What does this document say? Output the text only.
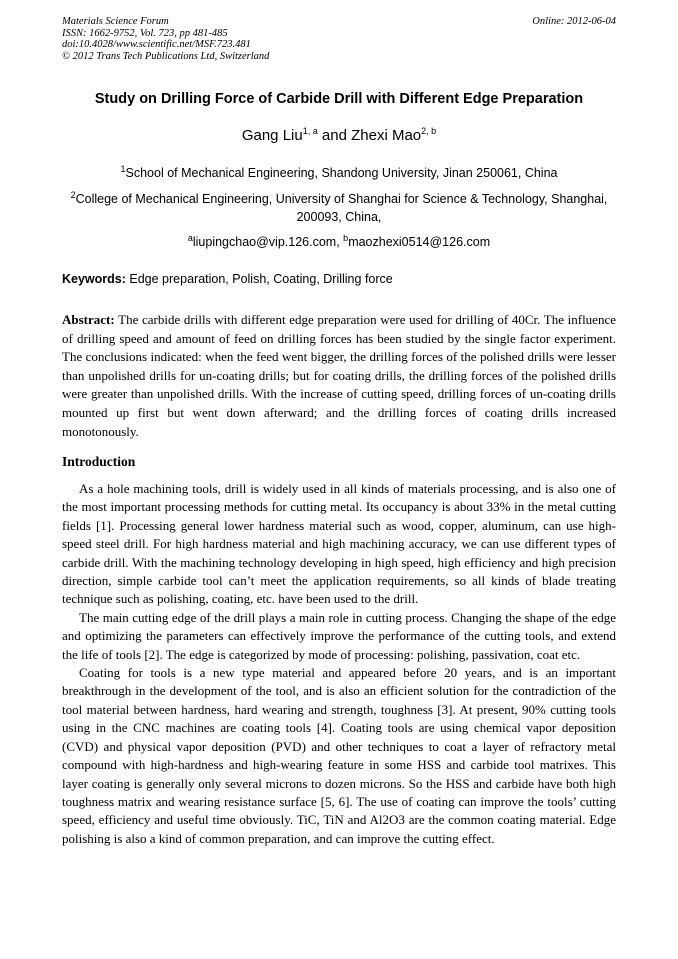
Materials Science Forum
ISSN: 1662-9752, Vol. 723, pp 481-485
doi:10.4028/www.scientific.net/MSF.723.481
© 2012 Trans Tech Publications Ltd, Switzerland
Online: 2012-06-04
Study on Drilling Force of Carbide Drill with Different Edge Preparation
Gang Liu$^{1, a}$ and Zhexi Mao$^{2, b}$
$^1$School of Mechanical Engineering, Shandong University, Jinan 250061, China
$^2$College of Mechanical Engineering, University of Shanghai for Science & Technology, Shanghai, 200093, China,
$^a$liupingchao@vip.126.com, $^b$maozhexi0514@126.com
Keywords: Edge preparation, Polish, Coating, Drilling force

Abstract: The carbide drills with different edge preparation were used for drilling of 40Cr. The influence of drilling speed and amount of feed on drilling forces has been studied by the single factor experiment. The conclusions indicated: when the feed went bigger, the drilling forces of the polished drills were lesser than unpolished drills for un-coating drills; but for coating drills, the drilling forces of the polished drills were greater than unpolished drills. With the increase of cutting speed, drilling forces of un-coating drills mounted up first but went down afterward; and the drilling forces of coating drills increased monotonously.

Introduction

As a hole machining tools, drill is widely used in all kinds of materials processing, and is also one of the most important processing methods for cutting metal. Its occupancy is about 33% in the metal cutting fields [1]. Processing general lower hardness material such as wood, copper, aluminum, can use high-speed steel drill. For high hardness material and high machining accuracy, we can use different types of carbide drill. With the machining technology developing in high speed, high efficiency and high precision direction, simple carbide tool can’t meet the application requirements, so all kinds of blade treating technique such as polishing, coating, etc. have been used to the drill.

The main cutting edge of the drill plays a main role in cutting process. Changing the shape of the edge and optimizing the parameters can effectively improve the performance of the cutting tools, and extend the life of tools [2]. The edge is categorized by mode of processing: polishing, passivation, coat etc.

Coating for tools is a new type material and appeared before 20 years, and is an important breakthrough in the development of the tool, and is also an efficient solution for the contradiction of the tool material between hardness, hard wearing and strength, toughness [3]. At present, 90% cutting tools using in the CNC machines are coating tools [4]. Coating tools are using chemical vapor deposition (CVD) and physical vapor deposition (PVD) and other techniques to coat a layer of refractory metal compound with high-hardness and high-wearing feature in some HSS and carbide tool matrixes. This layer coating is generally only several microns to dozen microns. So the HSS and carbide have both high toughness matrix and wearing resistance surface [5, 6]. The use of coating can improve the tools’ cutting speed, efficiency and useful time obviously. TiC, TiN and Al2O3 are the common coating material. Edge polishing is also a kind of common preparation, and can improve the cutting effect.
